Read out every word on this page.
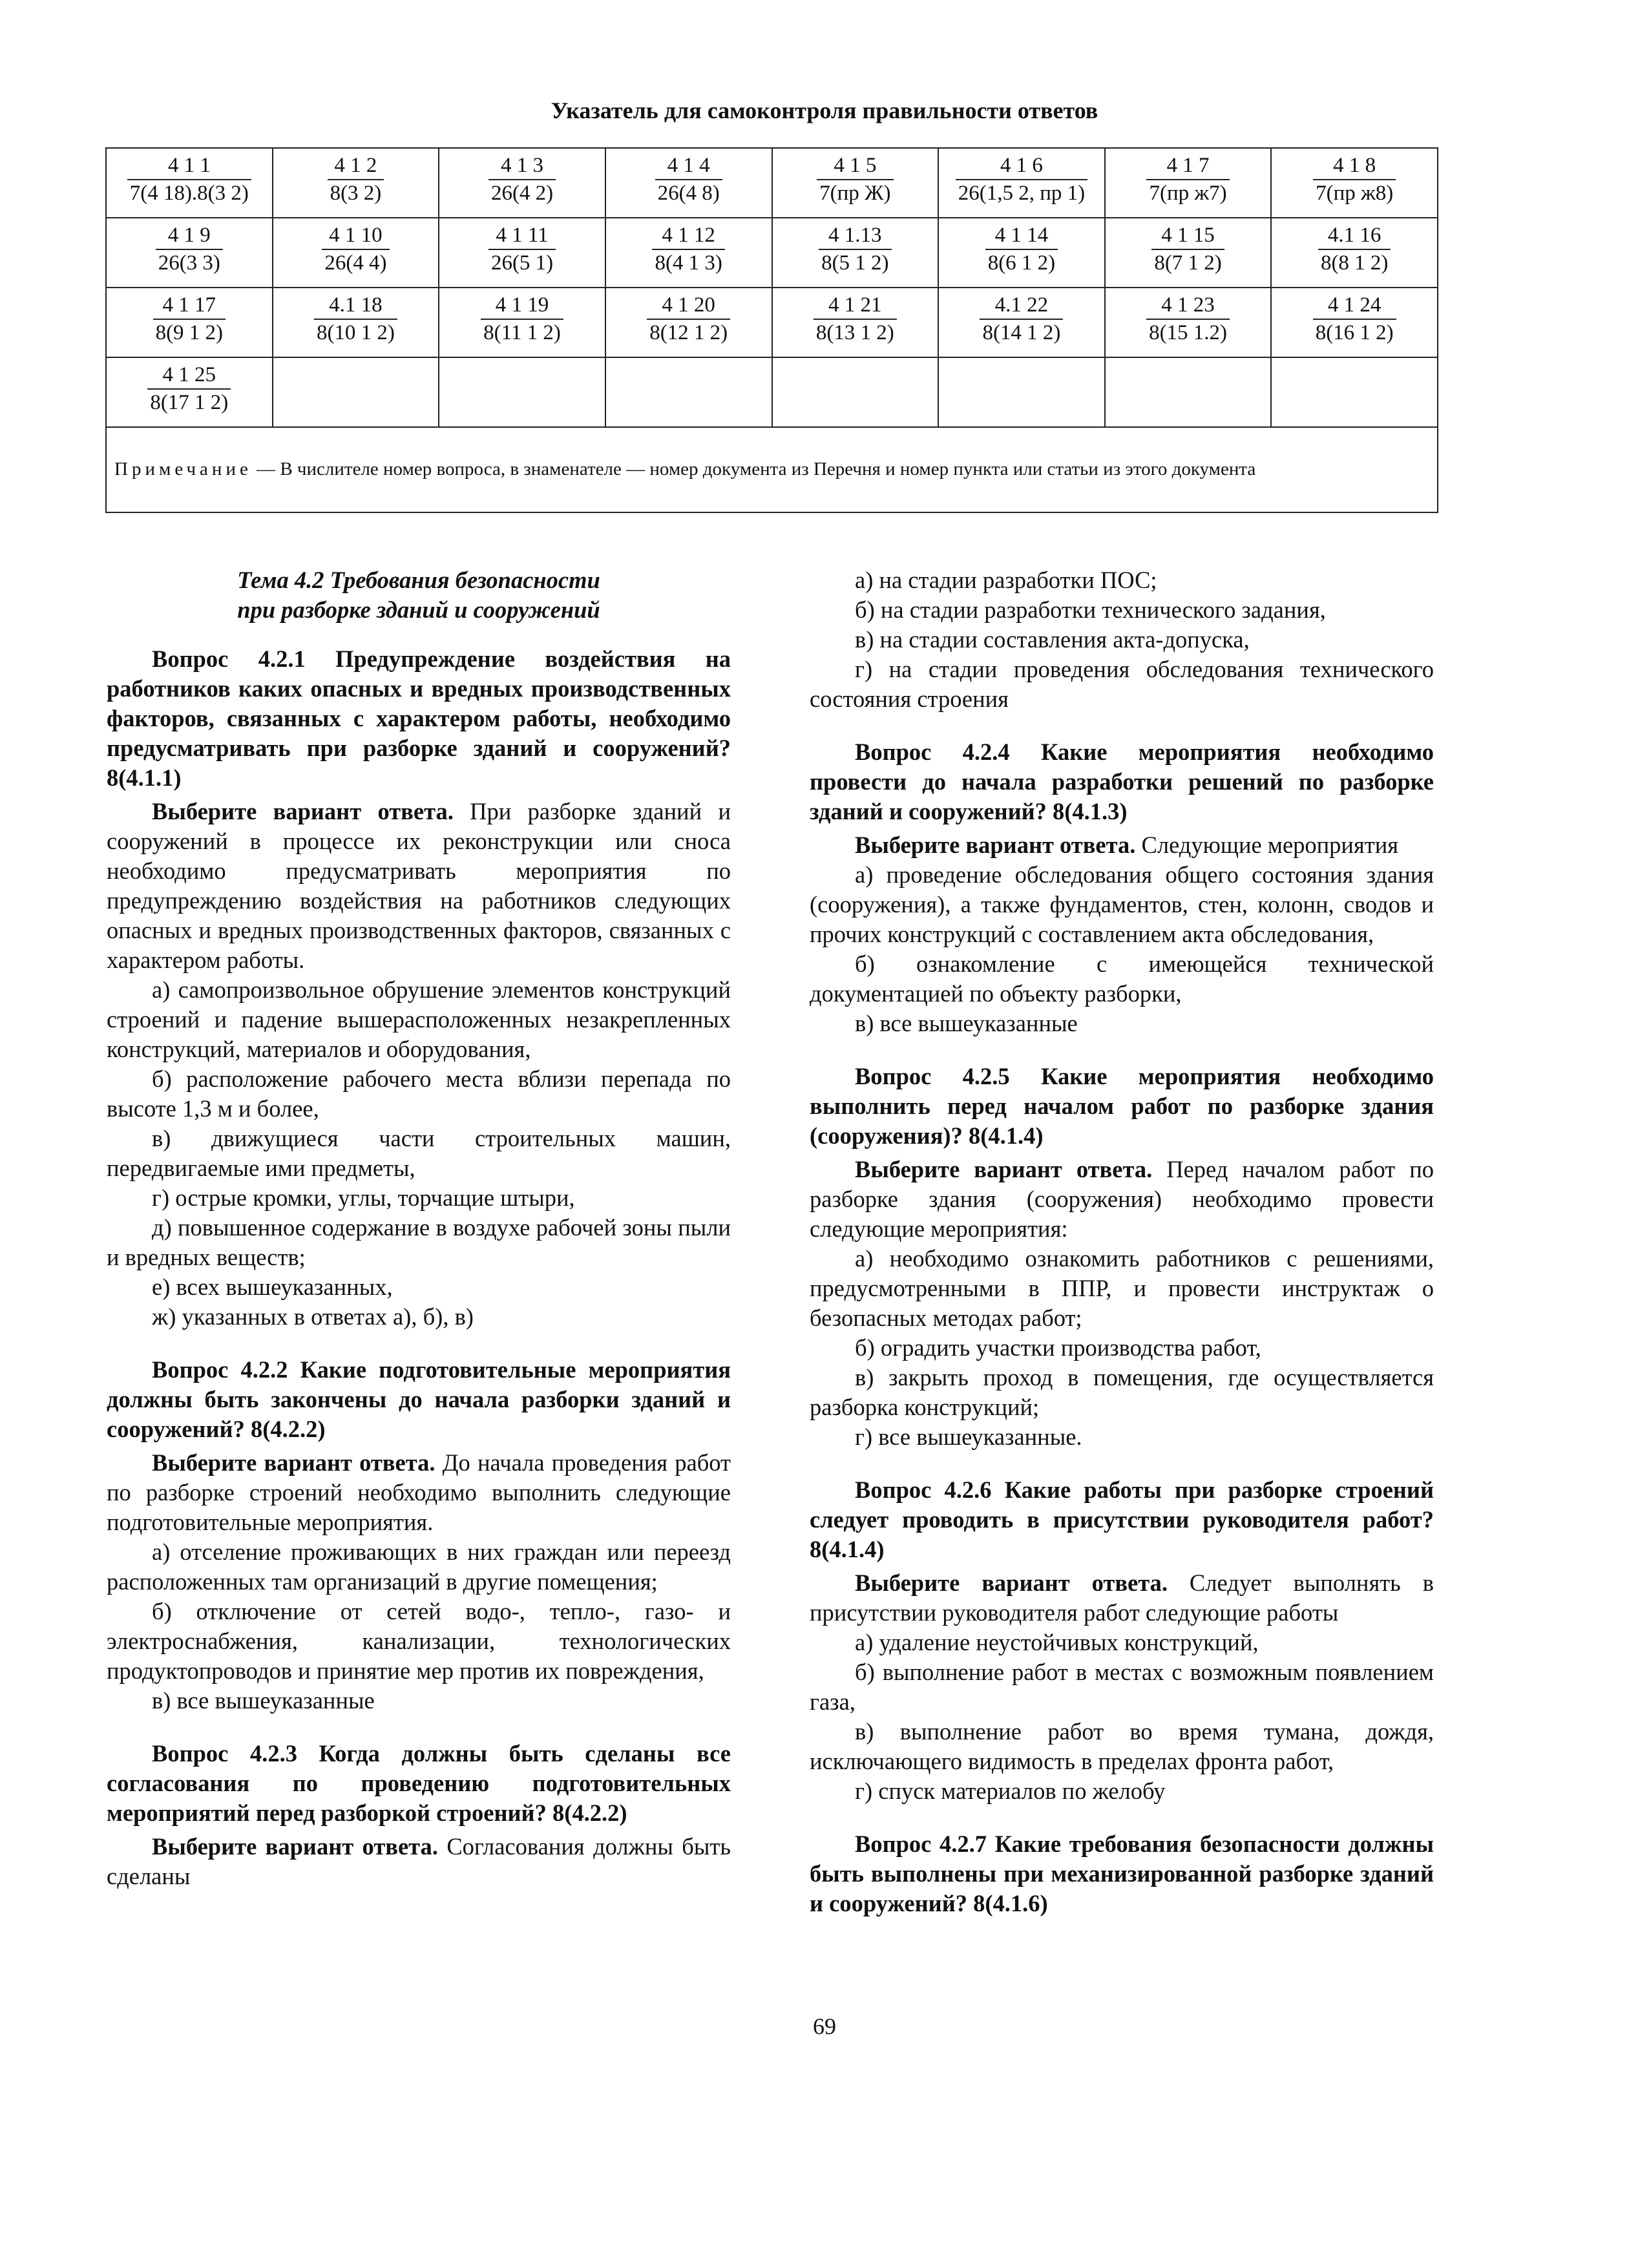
Указатель для самоконтроля правильности ответов
$\frac{4 1 1}{7(4 18).8(3 2)}$	$\frac{4 1 2}{8(3 2)}$	$\frac{4 1 3}{26(4 2)}$	$\frac{4 1 4}{26(4 8)}$	$\frac{4 1 5}{\text{7(пр Ж)}}$	$\frac{4 1 6}{26(1,5 2, пр 1)}$	$\frac{4 1 7}{\text{7(пр ж7)}}$	$\frac{4 1 8}{\text{7(пр ж8)}}$

$\frac{4 1 9}{26(3 3)}$	$\frac{4 1 10}{26(4 4)}$	$\frac{4 1 11}{26(5 1)}$	$\frac{4 1 12}{8(4 1 3)}$	$\frac{4 1.13}{8(5 1 2)}$	$\frac{4 1 14}{8(6 1 2)}$	$\frac{4 1 15}{8(7 1 2)}$	$\frac{4.1 16}{8(8 1 2)}$

$\frac{4 1 17}{8(9 1 2)}$	$\frac{4.1 18}{8(10 1 2)}$	$\frac{4 1 19}{8(11 1 2)}$	$\frac{4 1 20}{8(12 1 2)}$	$\frac{4 1 21}{8(13 1 2)}$	$\frac{4.1 22}{8(14 1 2)}$	$\frac{4 1 23}{8(15 1.2)}$	$\frac{4 1 24}{8(16 1 2)}$

$\frac{4 1 25}{8(17 1 2)}$

Примечание — В числителе номер вопроса, в знаменателе — номер документа из Перечня и номер пункта или статьи из этого документа							

Тема 4.2 Требования безопасности

при разборке зданий и сооружений

Вопрос 4.2.1 Предупреждение воздействия на работников каких опасных и вредных производственных факторов, связанных с характером работы, необходимо предусматривать при разборке зданий и сооружений? 8(4.1.1)

Выберите вариант ответа. При разборке зданий и сооружений в процессе их реконструкции или сноса необходимо предусматривать мероприятия по предупреждению воздействия на работников следующих опасных и вредных производственных факторов, связанных с характером работы.

а) самопроизвольное обрушение элементов конструкций строений и падение вышерасположенных незакрепленных конструкций, материалов и оборудования,

б) расположение рабочего места вблизи перепада по высоте 1,3 м и более,

в) движущиеся части строительных машин, передвигаемые ими предметы,

г) острые кромки, углы, торчащие штыри,

д) повышенное содержание в воздухе рабочей зоны пыли и вредных веществ;

е) всех вышеуказанных,

ж) указанных в ответах а), б), в)

Вопрос 4.2.2 Какие подготовительные мероприятия должны быть закончены до начала разборки зданий и сооружений? 8(4.2.2)

Выберите вариант ответа. До начала проведения работ по разборке строений необходимо выполнить следующие подготовительные мероприятия.

а) отселение проживающих в них граждан или переезд расположенных там организаций в другие помещения;

б) отключение от сетей водо-, тепло-, газо- и электроснабжения, канализации, технологических продуктопроводов и принятие мер против их повреждения,

в) все вышеуказанные

Вопрос 4.2.3 Когда должны быть сделаны все согласования по проведению подготовительных мероприятий перед разборкой строений? 8(4.2.2)

Выберите вариант ответа. Согласования должны быть сделаны

а) на стадии разработки ПОС;

б) на стадии разработки технического задания,

в) на стадии составления акта-допуска,

г) на стадии проведения обследования технического состояния строения

Вопрос 4.2.4 Какие мероприятия необходимо провести до начала разработки решений по разборке зданий и сооружений? 8(4.1.3)

Выберите вариант ответа. Следующие мероприятия

а) проведение обследования общего состояния здания (сооружения), а также фундаментов, стен, колонн, сводов и прочих конструкций с составлением акта обследования,

б) ознакомление с имеющейся технической документацией по объекту разборки,

в) все вышеуказанные

Вопрос 4.2.5 Какие мероприятия необходимо выполнить перед началом работ по разборке здания (сооружения)? 8(4.1.4)

Выберите вариант ответа. Перед началом работ по разборке здания (сооружения) необходимо провести следующие мероприятия:

а) необходимо ознакомить работников с решениями, предусмотренными в ППР, и провести инструктаж о безопасных методах работ;

б) оградить участки производства работ,

в) закрыть проход в помещения, где осуществляется разборка конструкций;

г) все вышеуказанные.

Вопрос 4.2.6 Какие работы при разборке строений следует проводить в присутствии руководителя работ? 8(4.1.4)

Выберите вариант ответа. Следует выполнять в присутствии руководителя работ следующие работы

а) удаление неустойчивых конструкций,

б) выполнение работ в местах с возможным появлением газа,

в) выполнение работ во время тумана, дождя, исключающего видимость в пределах фронта работ,

г) спуск материалов по желобу

Вопрос 4.2.7 Какие требования безопасности должны быть выполнены при механизированной разборке зданий и сооружений? 8(4.1.6)

69
